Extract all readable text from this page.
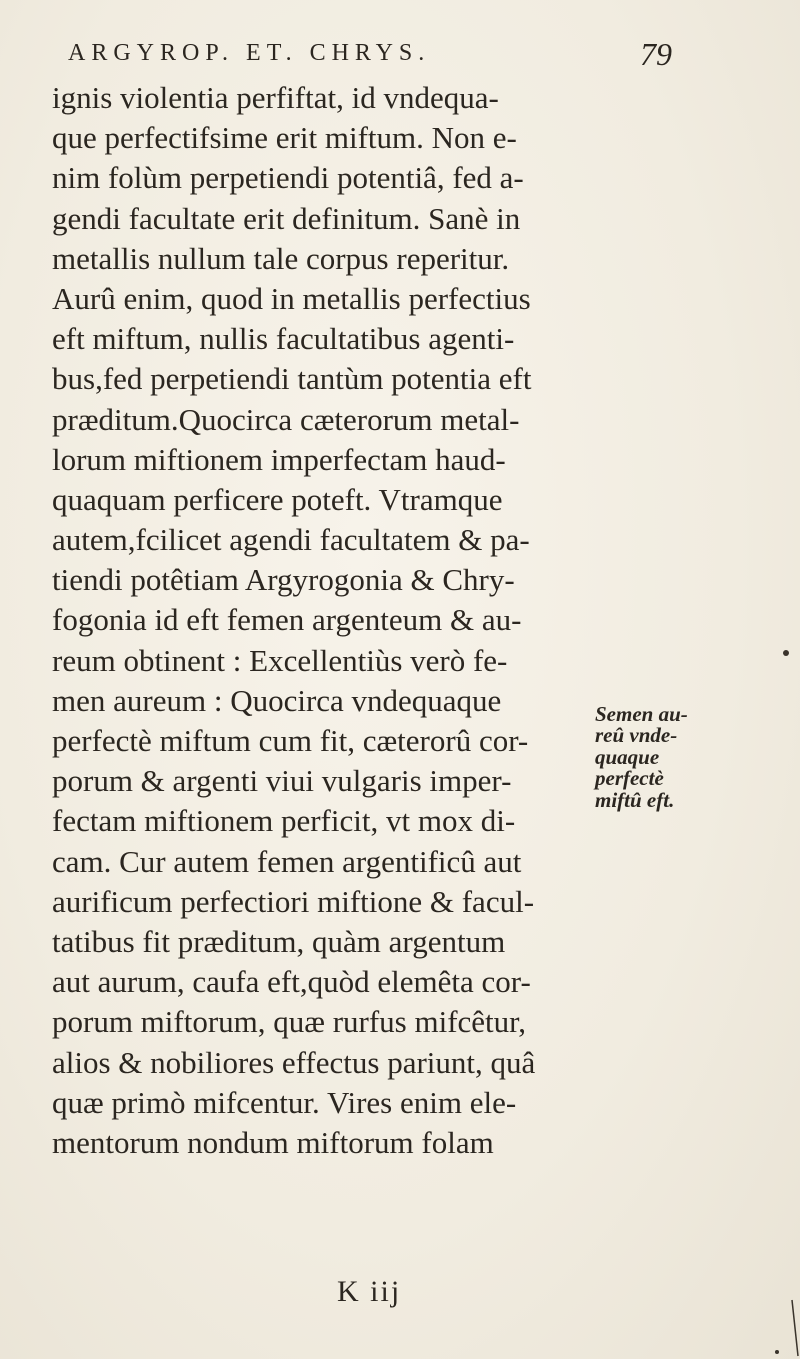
ARGYROP. ET. CHRYS.	79
ignis violentia perfiftat, id vndequa-
que perfectifsime erit miftum. Non e-
nim folùm perpetiendi potentiâ, fed a-
gendi facultate erit definitum. Sanè in
metallis nullum tale corpus reperitur.
Aurû enim, quod in metallis perfectius
eft miftum, nullis facultatibus agenti-
bus,fed perpetiendi tantùm potentia eft
præditum.Quocirca cæterorum metal-
lorum miftionem imperfectam haud-
quaquam perficere poteft. Vtramque
autem,fcilicet agendi facultatem & pa-
tiendi potêtiam Argyrogonia & Chry-
fogonia id eft femen argenteum & au-
reum obtinent : Excellentiùs verò fe-
men aureum : Quocirca vndequaque
perfectè miftum cum fit, cæterorû cor-
porum & argenti viui vulgaris imper-
fectam miftionem perficit, vt mox di-
cam. Cur autem femen argentificû aut
aurificum perfectiori miftione & facul-
tatibus fit præditum, quàm argentum
aut aurum, caufa eft,quòd elemêta cor-
porum miftorum, quæ rurfus mifcêtur,
alios & nobiliores effectus pariunt, quâ
quæ primò mifcentur. Vires enim ele-
mentorum nondum miftorum folam
Semen au-
reû vnde-
quaque
perfectè
miftû eft.
K iij
